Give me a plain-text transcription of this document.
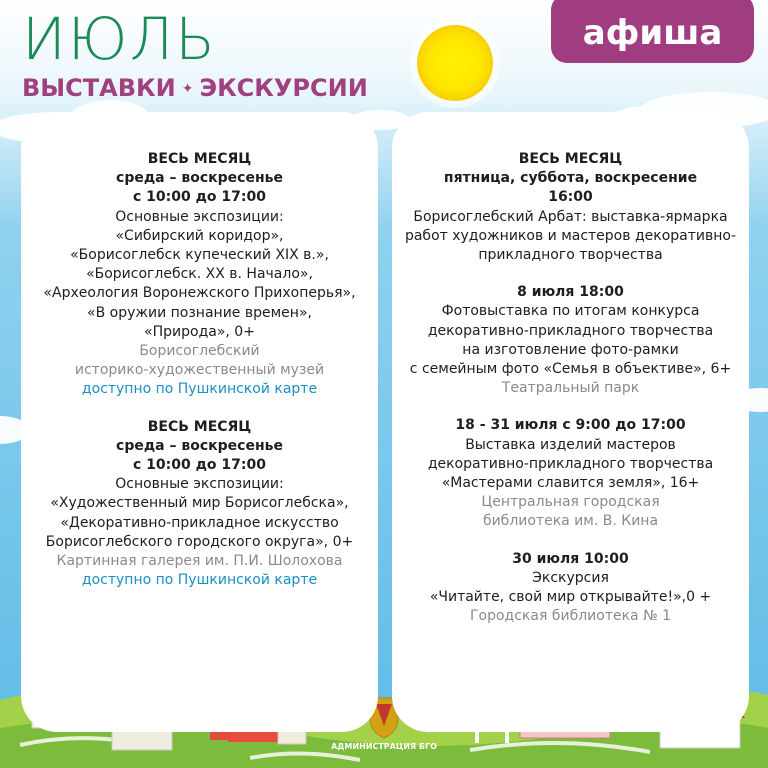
ИЮЛЬ
ВЫСТАВКИ ✦ ЭКСКУРСИИ
афиша
ВЕСЬ МЕСЯЦ
среда – воскресенье
с 10:00 до 17:00
Основные экспозиции:
«Сибирский коридор»,
«Борисоглебск купеческий XIX в.»,
«Борисоглебск. XX в. Начало»,
«Археология Воронежского Прихоперья»,
«В оружии познание времен»,
«Природа», 0+
Борисоглебский
историко-художественный музей
доступно по Пушкинской карте
ВЕСЬ МЕСЯЦ
среда – воскресенье
с 10:00 до 17:00
Основные экспозиции:
«Художественный мир Борисоглебска»,
«Декоративно-прикладное искусство
Борисоглебского городского округа», 0+
Картинная галерея им. П.И. Шолохова
доступно по Пушкинской карте
ВЕСЬ МЕСЯЦ
пятница, суббота, воскресение
16:00
Борисоглебский Арбат: выставка-ярмарка
работ художников и мастеров декоративно-
прикладного творчества
8 июля 18:00
Фотовыставка по итогам конкурса
декоративно-прикладного творчества
на изготовление фото-рамки
с семейным фото «Семья в объективе», 6+
Театральный парк
18 - 31 июля с 9:00 до 17:00
Выставка изделий мастеров
декоративно-прикладного творчества
«Мастерами славится земля», 16+
Центральная городская
библиотека им. В. Кина
30 июля 10:00
Экскурсия
«Читайте, свой мир открывайте!»,0 +
Городская библиотека № 1
АДМИНИСТРАЦИЯ БГО
